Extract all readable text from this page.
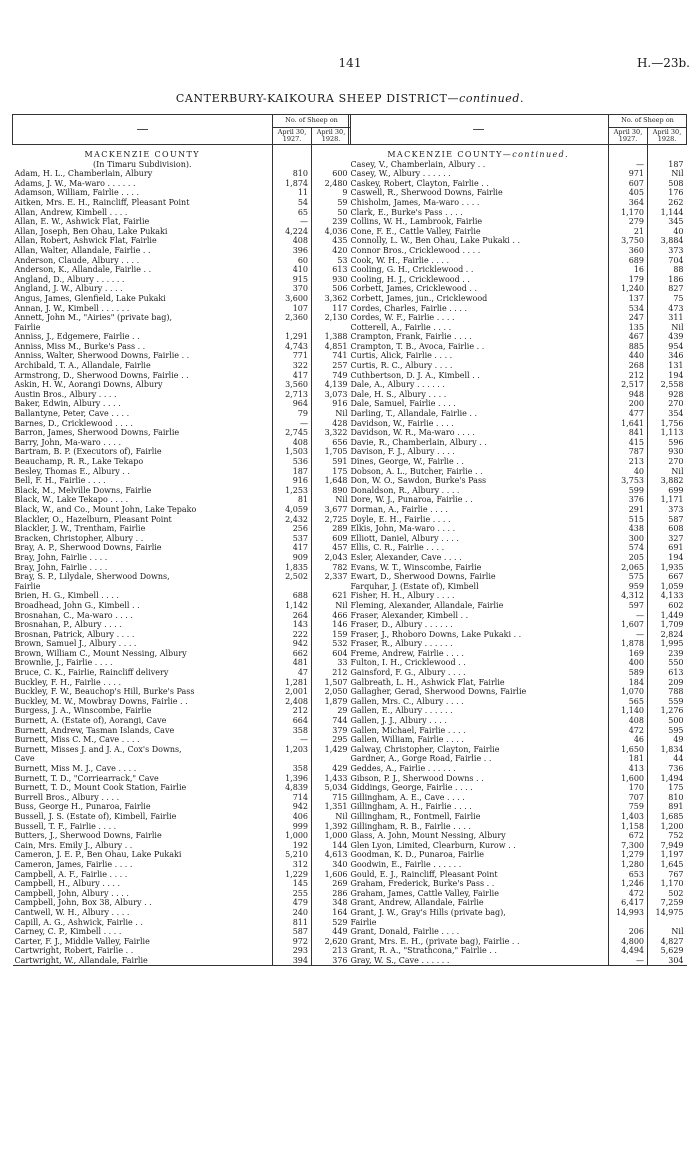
141	H.—23b.
CANTERBURY-KAIKOURA SHEEP DISTRICT—continued.
—	No. of Sheep on	
	April 30, 1927.	April 30, 1928.

MACKENZIE COUNTY		
(In Timaru Subdivision).		
Adam, H. L., Chamberlain, Albury	810	600
Adams, J. W., Ma-waro . . . . . .	1,874	2,480
Adamson, William, Fairlie . . . .	11	9
Aitken, Mrs. E. H., Raincliff, Pleasant Point	54	59
Allan, Andrew, Kimbell . . . .	65	50
Allan, E. W., Ashwick Flat, Fairlie	—	239
Allan, Joseph, Ben Ohau, Lake Pukaki	4,224	4,036
Allan, Robert, Ashwick Flat, Fairlie	408	435
Allan, Walter, Allandale, Fairlie . .	396	420
Anderson, Claude, Albury . . . .	60	53
Anderson, K., Allandale, Fairlie . .	410	613
Angland, D., Albury . . . . . .	915	930
Angland, J. W., Albury . . . .	370	506
Angus, James, Glenfield, Lake Pukaki	3,600	3,362
Annan, J. W., Kimbell . . . . . .	107	117
Annett, John M., "Airies" (private bag),	2,360	2,130
Fairlie		
Anniss, J., Edgemere, Fairlie . .	1,291	1,388
Anniss, Miss M., Burke's Pass . .	4,743	4,851
Anniss, Walter, Sherwood Downs, Fairlie . .	771	741
Archibald, T. A., Allandale, Fairlie	322	257
Armstrong, D., Sherwood Downs, Fairlie . .	417	749
Askin, H. W., Aorangi Downs, Albury	3,560	4,139
Austin Bros., Albury . . . .	2,713	3,073
Baker, Edwin, Albury . . . .	964	916
Ballantyne, Peter, Cave . . . .	79	Nil
Barnes, D., Cricklewood . . . .	—	428
Barron, James, Sherwood Downs, Fairlie	2,745	3,322
Barry, John, Ma-waro . . . .	408	656
Bartram, B. P. (Executors of), Fairlie	1,503	1,705
Beauchamp, R. R., Lake Tekapo	536	591
Besley, Thomas E., Albury . .	187	175
Bell, F. H., Fairlie . . . .	916	1,648
Black, M., Melville Downs, Fairlie	1,253	890
Black, W., Lake Tekapo . . . .	81	Nil
Black, W., and Co., Mount John, Lake Tepako	4,059	3,677
Blackler, O., Hazelburn, Pleasant Point	2,432	2,725
Blackler, J. W., Trentham, Fairlie	256	289
Bracken, Christopher, Albury . .	537	609
Bray, A. P., Sherwood Downs, Fairlie	417	457
Bray, John, Fairlie . . . .	909	2,043
Bray, John, Fairlie . . . .	1,835	782
Bray, S. P., Lilydale, Sherwood Downs,	2,502	2,337
Fairlie		
Brien, H. G., Kimbell . . . .	688	621
Broadhead, John G., Kimbell . .	1,142	Nil
Brosnahan, C., Ma-waro . . . .	264	466
Brosnahan, P., Albury . . . .	143	146
Brosnan, Patrick, Albury . . . .	222	159
Brown, Samuel J., Albury . . . .	942	532
Brown, William C., Mount Nessing, Albury	662	604
Brownlie, J., Fairlie . . . .	481	33
Bruce, C. K., Fairlie, Raincliff delivery	47	212
Buckley, F. H., Fairlie . . . .	1,281	1,507
Buckley, F. W., Beauchop's Hill, Burke's Pass	2,001	2,050
Buckley, M. W., Mowbray Downs, Fairlie . .	2,408	1,879
Burgess, J. A., Winscombe, Fairlie	212	29
Burnett, A. (Estate of), Aorangi, Cave	664	744
Burnett, Andrew, Tasman Islands, Cave	358	379
Burnett, Miss C. M., Cave . . . .	—	295
Burnett, Misses J. and J. A., Cox's Downs,	1,203	1,429
Cave		
Burnett, Miss M. J., Cave . . . .	358	429
Burnett, T. D., "Corriearrack," Cave	1,396	1,433
Burnett, T. D., Mount Cook Station, Fairlie	4,839	5,034
Burrell Bros., Albury . . . .	714	715
Buss, George H., Punaroa, Fairlie	942	1,351
Bussell, J. S. (Estate of), Kimbell, Fairlie	406	Nil
Bussell, T. F., Fairlie . . . .	999	1,392
Butters, J., Sherwood Downs, Fairlie	1,000	1,000
Cain, Mrs. Emily J., Albury . .	192	144
Cameron, J. E. P., Ben Ohau, Lake Pukaki	5,210	4,613
Cameron, James, Fairlie . . . .	312	340
Campbell, A. F., Fairlie . . . .	1,229	1,606
Campbell, H., Albury . . . .	145	269
Campbell, John, Albury . . . .	255	286
Campbell, John, Box 38, Albury . .	479	348
Cantwell, W. H., Albury . . . .	240	164
Capill, A. G., Ashwick, Fairlie . .	811	529
Carney, C. P., Kimbell . . . .	587	449
Carter, F. J., Middle Valley, Fairlie	972	2,620
Cartwright, Robert, Fairlie . .	293	213
Cartwright, W., Allandale, Fairlie	394	376
—	No. of Sheep on	
	April 30, 1927.	April 30, 1928.

MACKENZIE COUNTY—continued.		
Casey, V., Chamberlain, Albury . .	—	187
Casey, W., Albury . . . . . .	971	Nil
Caskey, Robert, Clayton, Fairlie . .	607	508
Caswell, R., Sherwood Downs, Fairlie	405	176
Chisholm, James, Ma-waro . . . .	364	262
Clark, E., Burke's Pass . . . .	1,170	1,144
Collins, W. H., Lambrook, Fairlie	279	345
Cone, F. E., Cattle Valley, Fairlie	21	40
Connolly, L. W., Ben Ohau, Lake Pukaki . .	3,750	3,884
Connor Bros., Cricklewood . . . .	360	373
Cook, W. H., Fairlie . . . .	689	704
Cooling, G. H., Cricklewood . .	16	88
Cooling, H. J., Cricklewood . .	179	186
Corbett, James, Cricklewood . .	1,240	827
Corbett, James, jun., Cricklewood	137	75
Cordes, Charles, Fairlie . . . .	534	473
Cordes, W. F., Fairlie . . . .	247	311
Cotterell, A., Fairlie . . . .	135	Nil
Crampton, Frank, Fairlie . . . .	467	439
Crampton, T. B., Avoca, Fairlie . .	885	954
Curtis, Alick, Fairlie . . . .	440	346
Curtis, R. C., Albury . . . .	268	131
Cuthbertson, D. J. A., Kimbell . .	212	194
Dale, A., Albury . . . . . .	2,517	2,558
Dale, H. S., Albury . . . .	948	928
Dale, Samuel, Fairlie . . . .	200	270
Darling, T., Allandale, Fairlie . .	477	354
Davidson, W., Fairlie . . . .	1,641	1,756
Davidson, W. R., Ma-waro . . . .	841	1,113
Davie, R., Chamberlain, Albury . .	415	596
Davison, F. J., Albury . . . .	787	930
Dines, George, W., Fairlie . .	213	270
Dobson, A. L., Butcher, Fairlie . .	40	Nil
Don, W. O., Sawdon, Burke's Pass	3,753	3,882
Donaldson, R., Albury . . . .	599	699
Dore, W. J., Punaroa, Fairlie . .	376	1,171
Dorman, A., Fairlie . . . .	291	373
Doyle, E. H., Fairlie . . . .	515	587
Elkis, John, Ma-waro . . . .	438	608
Elliott, Daniel, Albury . . . .	300	327
Ellis, C. R., Fairlie . . . .	574	691
Esler, Alexander, Cave . . . .	205	194
Evans, W. T., Winscombe, Fairlie	2,065	1,935
Ewart, D., Sherwood Downs, Fairlie	575	667
Farquhar, J. (Estate of), Kimbell	959	1,059
Fisher, H. H., Albury . . . .	4,312	4,133
Fleming, Alexander, Allandale, Fairlie	597	602
Fraser, Alexander, Kimbell . .	—	1,449
Fraser, D., Albury . . . . . .	1,607	1,709
Fraser, J., Rhoboro Downs, Lake Pukaki . .	—	2,824
Fraser, R., Albury . . . . . .	1,878	1,995
Freme, Andrew, Fairlie . . . .	169	239
Fulton, I. H., Cricklewood . .	400	550
Gainsford, F. G., Albury . . . .	589	613
Galbreath, L. H., Ashwick Flat, Fairlie	184	209
Gallagher, Gerad, Sherwood Downs, Fairlie	1,070	788
Gallen, Mrs. C., Albury . . . .	565	559
Gallen, E., Albury . . . . . .	1,140	1,276
Gallen, J. J., Albury . . . .	408	500
Gallen, Michael, Fairlie . . . .	472	595
Gallen, William, Fairlie . . . .	46	49
Galway, Christopher, Clayton, Fairlie	1,650	1,834
Gardner, A., Gorge Road, Fairlie . .	181	44
Geddes, A., Fairlie . . . . . .	413	736
Gibson, P. J., Sherwood Downs . .	1,600	1,494
Giddings, George, Fairlie . . . .	170	175
Gillingham, A. E., Cave . . . .	707	810
Gillingham, A. H., Fairlie . . . .	759	891
Gillingham, R., Fontmell, Fairlie	1,403	1,685
Gillingham, R. B., Fairlie . . . .	1,158	1,200
Glass, A. John, Mount Nessing, Albury	672	752
Glen Lyon, Limited, Clearburn, Kurow . .	7,300	7,949
Goodman, K. D., Punaroa, Fairlie	1,279	1,197
Goodwin, E., Fairlie . . . . . .	1,280	1,645
Gould, E. J., Raincliff, Pleasant Point	653	767
Graham, Frederick, Burke's Pass . .	1,246	1,170
Graham, James, Cattle Valley, Fairlie	472	502
Grant, Andrew, Allandale, Fairlie	6,417	7,259
Grant, J. W., Gray's Hills (private bag),	14,993	14,975
Fairlie		
Grant, Donald, Fairlie . . . .	206	Nil
Grant, Mrs. E. H., (private bag), Fairlie . .	4,800	4,827
Grant, R. A., "Strathcona," Fairlie . .	4,494	5,629
Gray, W. S., Cave . . . . . .	—	304
